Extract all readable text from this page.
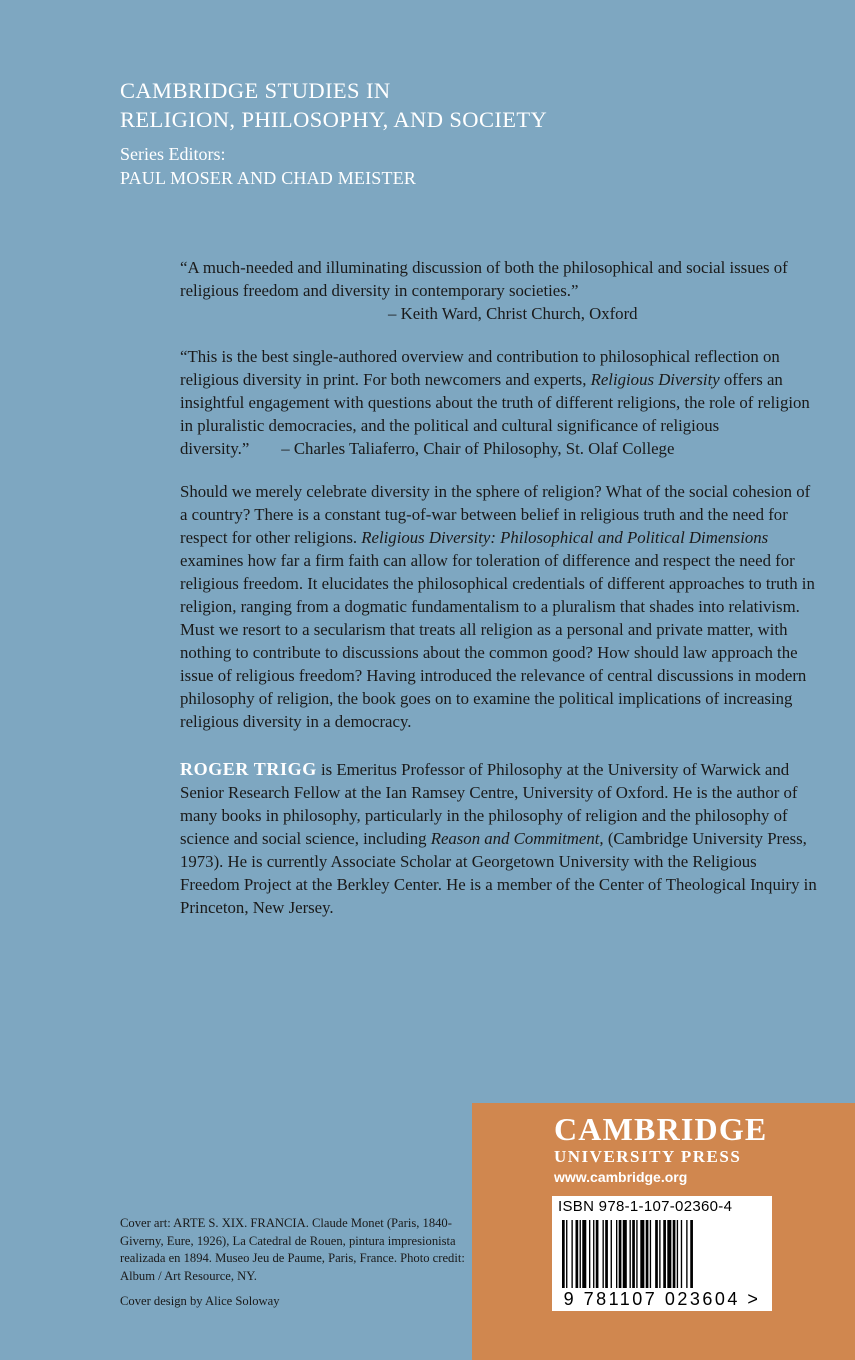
CAMBRIDGE STUDIES IN
RELIGION, PHILOSOPHY, AND SOCIETY
Series Editors:
PAUL MOSER AND CHAD MEISTER

“A much-needed and illuminating discussion of both the philosophical and social issues of religious freedom and diversity in contemporary societies.”
– Keith Ward, Christ Church, Oxford

“This is the best single-authored overview and contribution to philosophical reflection on religious diversity in print. For both newcomers and experts, Religious Diversity offers an insightful engagement with questions about the truth of different religions, the role of religion in pluralistic democracies, and the political and cultural significance of religious diversity.” – Charles Taliaferro, Chair of Philosophy, St. Olaf College

Should we merely celebrate diversity in the sphere of religion? What of the social cohesion of a country? There is a constant tug-of-war between belief in religious truth and the need for respect for other religions. Religious Diversity: Philosophical and Political Dimensions examines how far a firm faith can allow for toleration of difference and respect the need for religious freedom. It elucidates the philosophical credentials of different approaches to truth in religion, ranging from a dogmatic fundamentalism to a pluralism that shades into relativism. Must we resort to a secularism that treats all religion as a personal and private matter, with nothing to contribute to discussions about the common good? How should law approach the issue of religious freedom? Having introduced the relevance of central discussions in modern philosophy of religion, the book goes on to examine the political implications of increasing religious diversity in a democracy.

ROGER TRIGG is Emeritus Professor of Philosophy at the University of Warwick and Senior Research Fellow at the Ian Ramsey Centre, University of Oxford. He is the author of many books in philosophy, particularly in the philosophy of religion and the philosophy of science and social science, including Reason and Commitment, (Cambridge University Press, 1973). He is currently Associate Scholar at Georgetown University with the Religious Freedom Project at the Berkley Center. He is a member of the Center of Theological Inquiry in Princeton, New Jersey.

Cover art: ARTE S. XIX. FRANCIA. Claude Monet (Paris, 1840-Giverny, Eure, 1926), La Catedral de Rouen, pintura impresionista realizada en 1894. Museo Jeu de Paume, Paris, France. Photo credit: Album / Art Resource, NY.
Cover design by Alice Soloway
CAMBRIDGE
UNIVERSITY PRESS
www.cambridge.org
ISBN 978-1-107-02360-4
9 781107 023604 >
